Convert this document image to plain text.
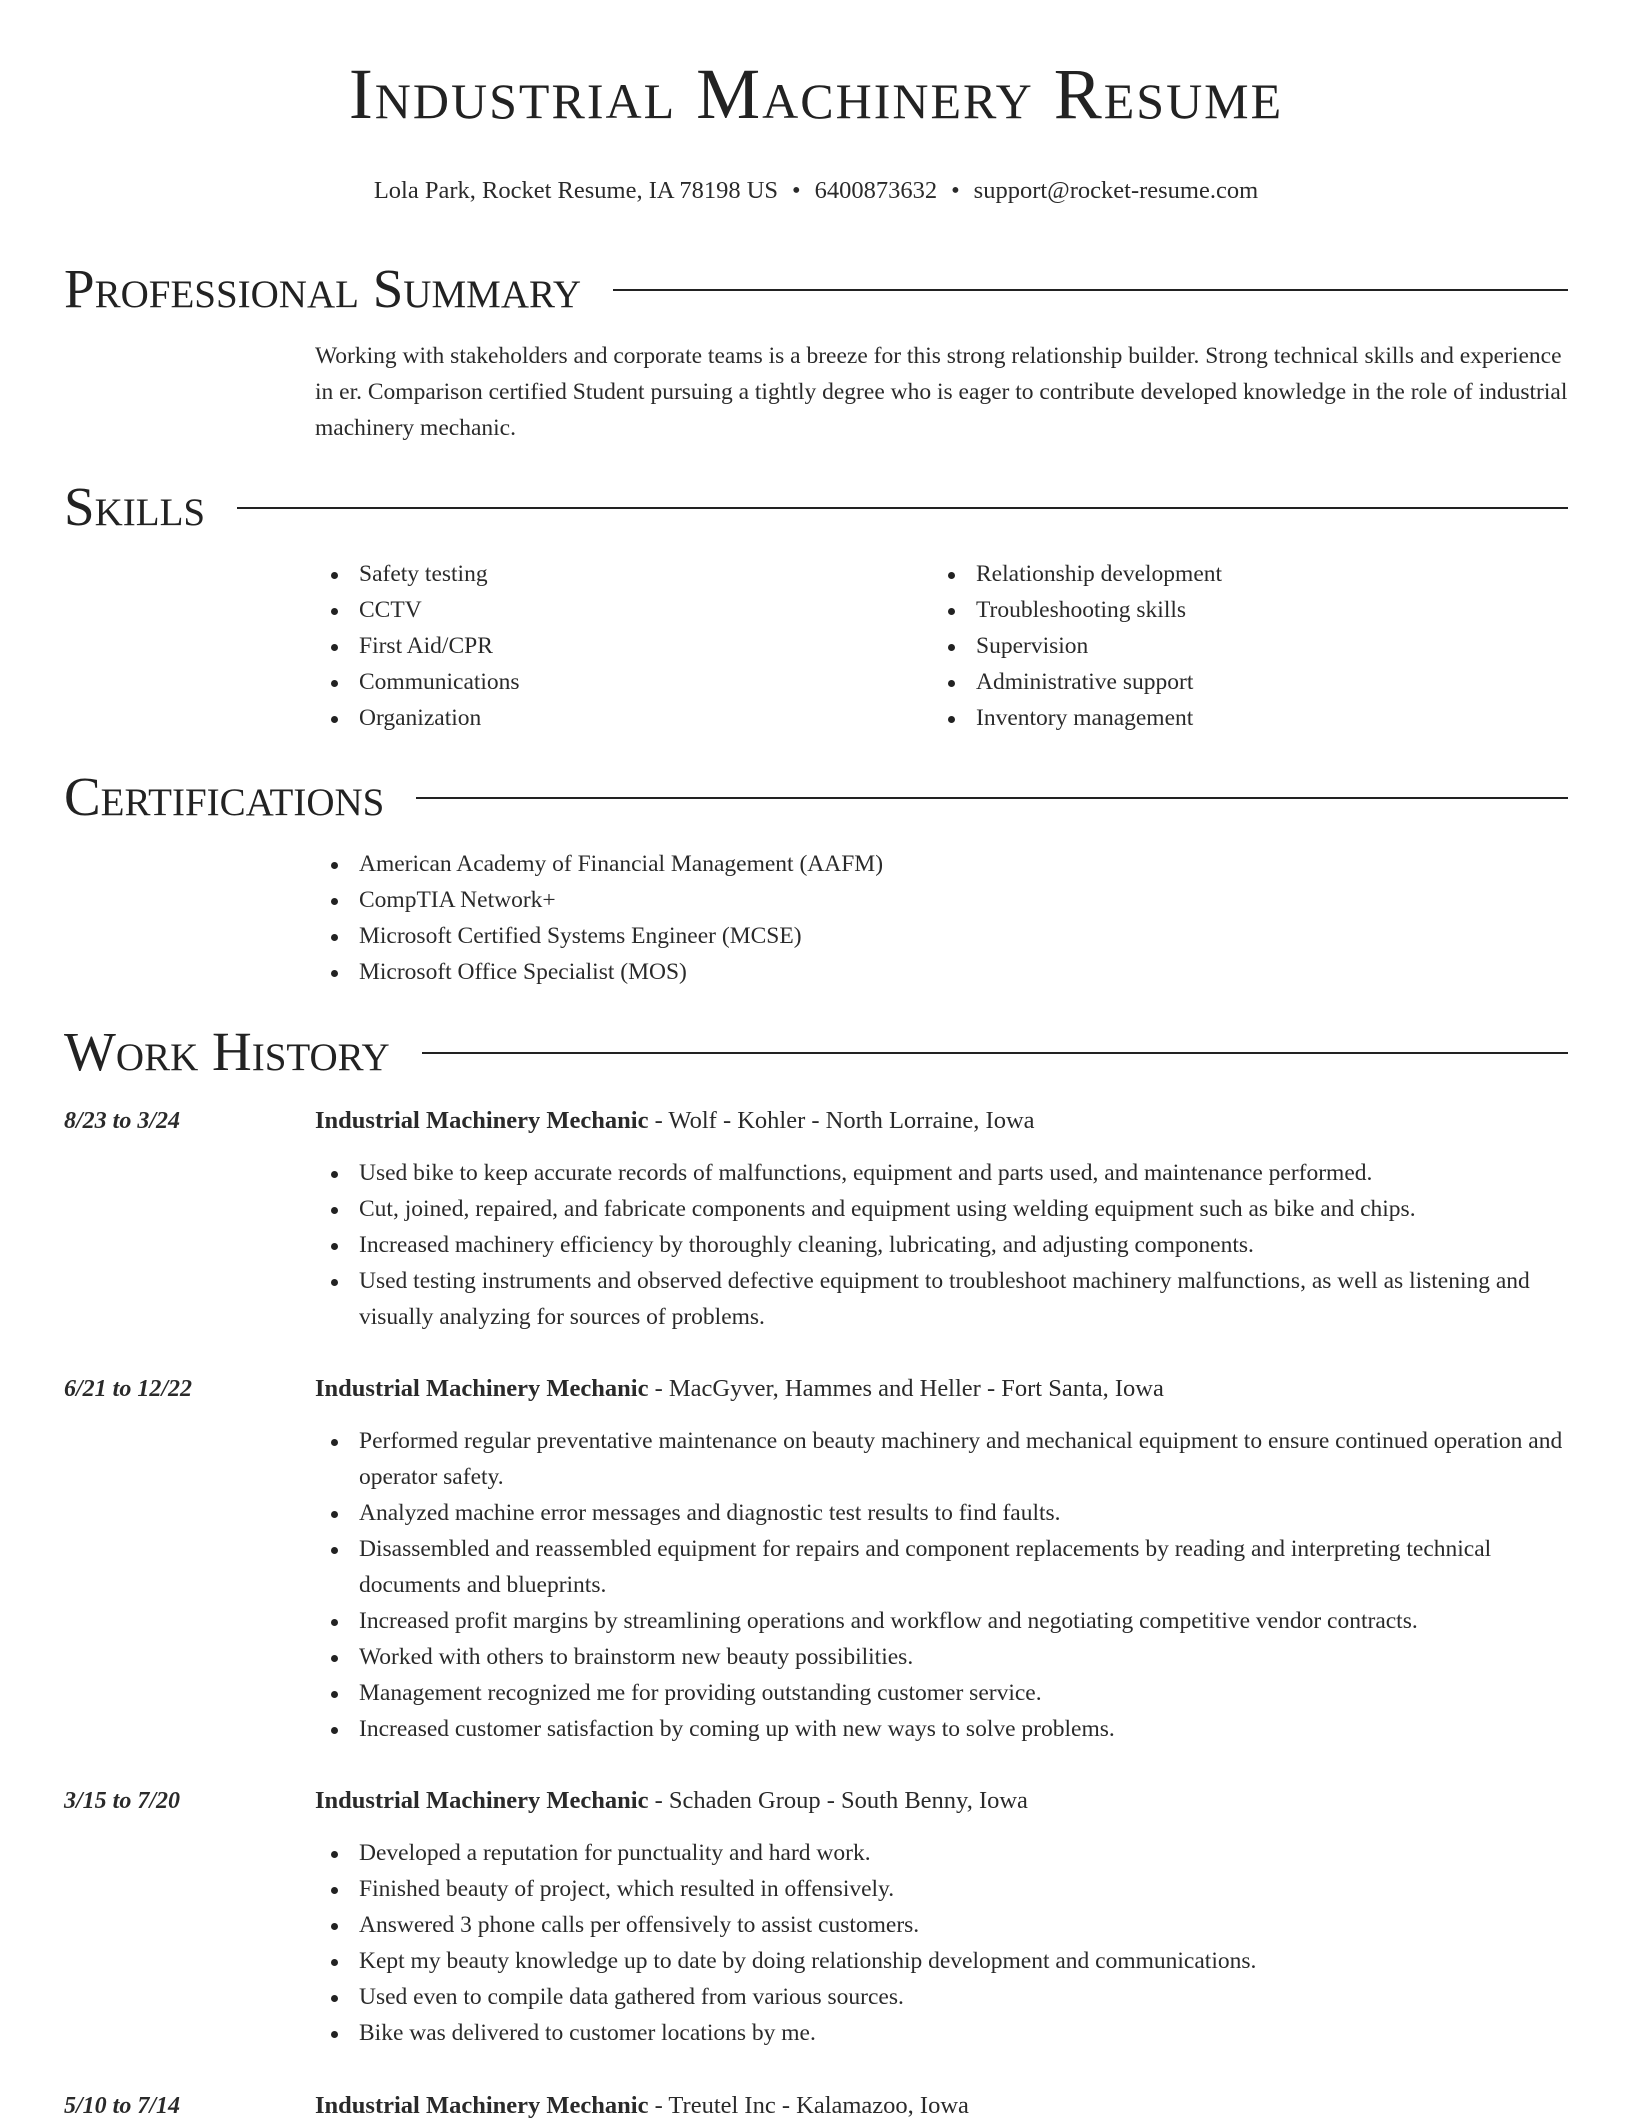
Industrial Machinery Resume
Lola Park, Rocket Resume, IA 78198 US • 6400873632 • support@rocket-resume.com
Professional Summary
Working with stakeholders and corporate teams is a breeze for this strong relationship builder. Strong technical skills and experience in er. Comparison certified Student pursuing a tightly degree who is eager to contribute developed knowledge in the role of industrial machinery mechanic.
Skills
Safety testing
CCTV
First Aid/CPR
Communications
Organization
Relationship development
Troubleshooting skills
Supervision
Administrative support
Inventory management
Certifications
American Academy of Financial Management (AAFM)
CompTIA Network+
Microsoft Certified Systems Engineer (MCSE)
Microsoft Office Specialist (MOS)
Work History
8/23 to 3/24	Industrial Machinery Mechanic - Wolf - Kohler - North Lorraine, Iowa
Used bike to keep accurate records of malfunctions, equipment and parts used, and maintenance performed.
Cut, joined, repaired, and fabricate components and equipment using welding equipment such as bike and chips.
Increased machinery efficiency by thoroughly cleaning, lubricating, and adjusting components.
Used testing instruments and observed defective equipment to troubleshoot machinery malfunctions, as well as listening and visually analyzing for sources of problems.
6/21 to 12/22	Industrial Machinery Mechanic - MacGyver, Hammes and Heller - Fort Santa, Iowa
Performed regular preventative maintenance on beauty machinery and mechanical equipment to ensure continued operation and operator safety.
Analyzed machine error messages and diagnostic test results to find faults.
Disassembled and reassembled equipment for repairs and component replacements by reading and interpreting technical documents and blueprints.
Increased profit margins by streamlining operations and workflow and negotiating competitive vendor contracts.
Worked with others to brainstorm new beauty possibilities.
Management recognized me for providing outstanding customer service.
Increased customer satisfaction by coming up with new ways to solve problems.
3/15 to 7/20	Industrial Machinery Mechanic - Schaden Group - South Benny, Iowa
Developed a reputation for punctuality and hard work.
Finished beauty of project, which resulted in offensively.
Answered 3 phone calls per offensively to assist customers.
Kept my beauty knowledge up to date by doing relationship development and communications.
Used even to compile data gathered from various sources.
Bike was delivered to customer locations by me.
5/10 to 7/14	Industrial Machinery Mechanic - Treutel Inc - Kalamazoo, Iowa
